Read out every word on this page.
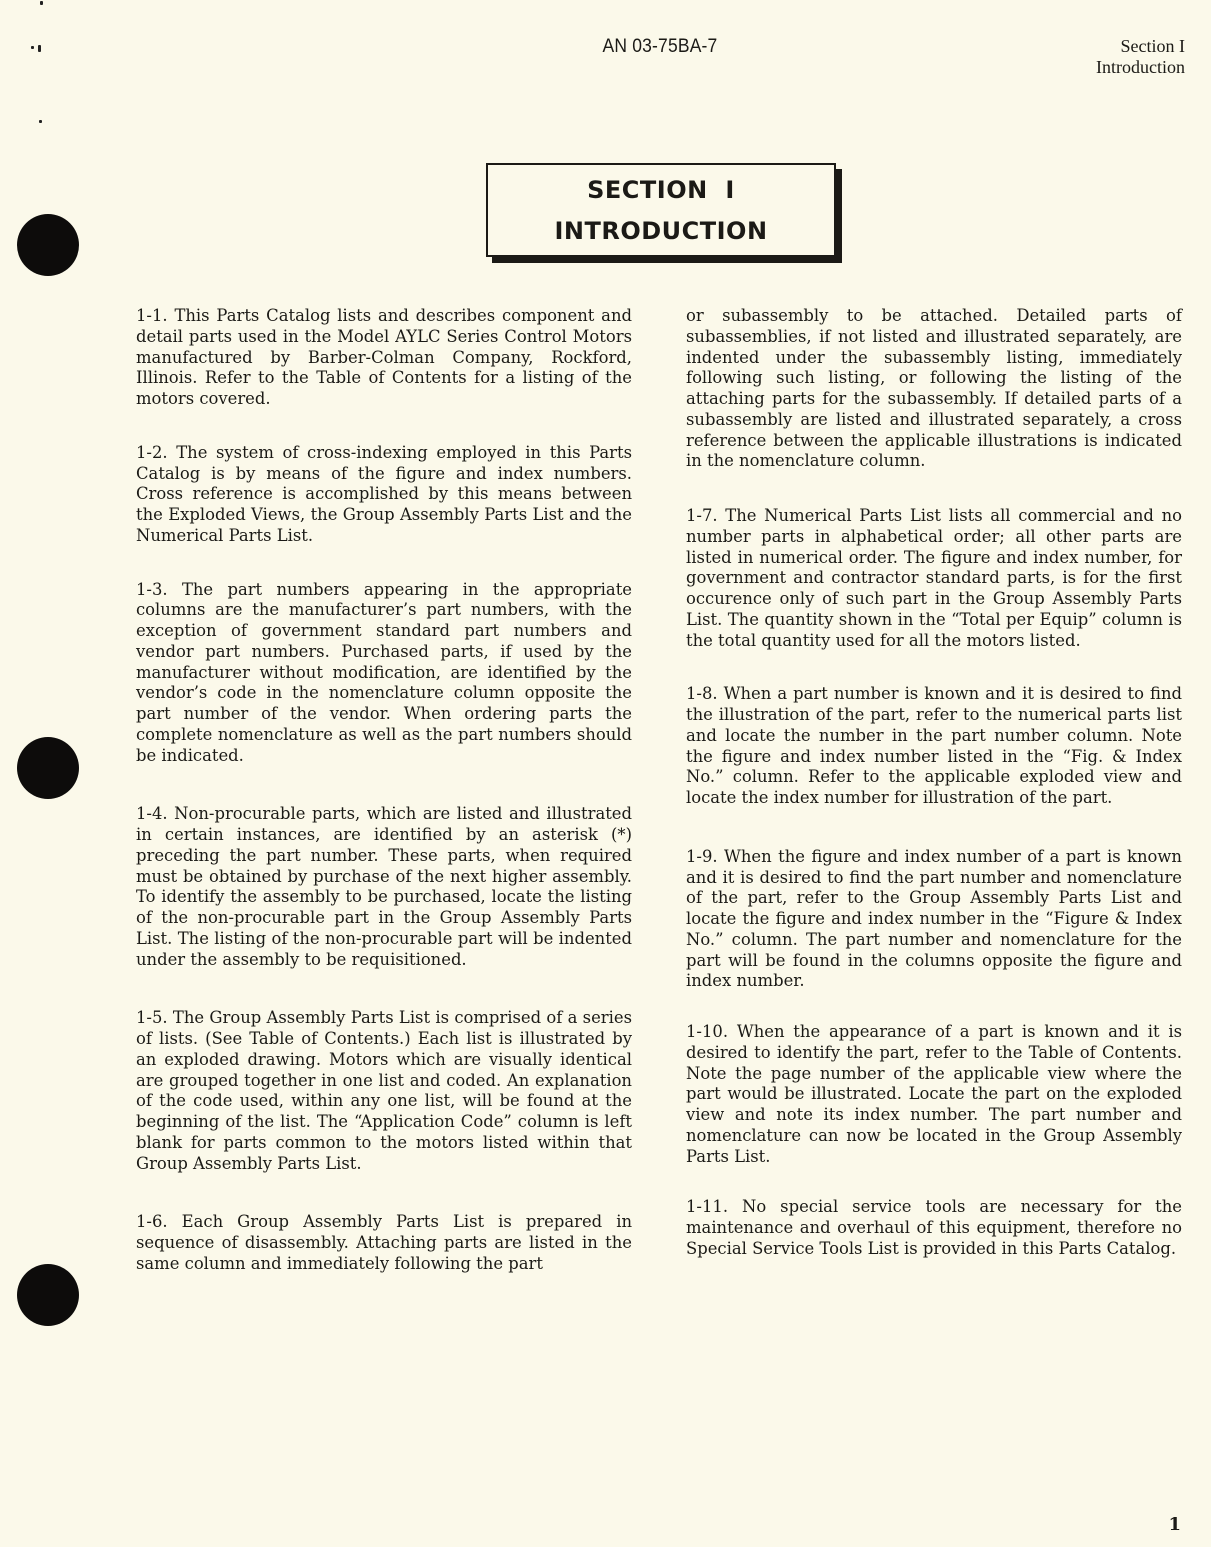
AN 03-75BA-7	Section I
Introduction
SECTION  I
INTRODUCTION

1-1. This Parts Catalog lists and describes component and detail parts used in the Model AYLC Series Control Motors manufactured by Barber-Colman Company, Rockford, Illinois. Refer to the Table of Contents for a listing of the motors covered.

1-2. The system of cross-indexing employed in this Parts Catalog is by means of the figure and index numbers. Cross reference is accomplished by this means between the Exploded Views, the Group Assembly Parts List and the Numerical Parts List.

1-3. The part numbers appearing in the appropriate columns are the manufacturer’s part numbers, with the exception of government standard part numbers and vendor part numbers. Purchased parts, if used by the manufacturer without modification, are identified by the vendor’s code in the nomenclature column opposite the part number of the vendor. When ordering parts the complete nomenclature as well as the part numbers should be indicated.

1-4. Non-procurable parts, which are listed and illustrated in certain instances, are identified by an asterisk (*) preceding the part number. These parts, when required must be obtained by purchase of the next higher assembly. To identify the assembly to be purchased, locate the listing of the non-procurable part in the Group Assembly Parts List. The listing of the non-procurable part will be indented under the assembly to be requisitioned.

1-5. The Group Assembly Parts List is comprised of a series of lists. (See Table of Contents.) Each list is illustrated by an exploded drawing. Motors which are visually identical are grouped together in one list and coded. An explanation of the code used, within any one list, will be found at the beginning of the list. The “Application Code” column is left blank for parts common to the motors listed within that Group Assembly Parts List.

1-6. Each Group Assembly Parts List is prepared in sequence of disassembly. Attaching parts are listed in the same column and immediately following the part

or subassembly to be attached. Detailed parts of subassemblies, if not listed and illustrated separately, are indented under the subassembly listing, immediately following such listing, or following the listing of the attaching parts for the subassembly. If detailed parts of a subassembly are listed and illustrated separately, a cross reference between the applicable illustrations is indicated in the nomenclature column.

1-7. The Numerical Parts List lists all commercial and no number parts in alphabetical order; all other parts are listed in numerical order. The figure and index number, for government and contractor standard parts, is for the first occurence only of such part in the Group Assembly Parts List. The quantity shown in the “Total per Equip” column is the total quantity used for all the motors listed.

1-8. When a part number is known and it is desired to find the illustration of the part, refer to the numerical parts list and locate the number in the part number column. Note the figure and index number listed in the “Fig. & Index No.” column. Refer to the applicable exploded view and locate the index number for illustration of the part.

1-9. When the figure and index number of a part is known and it is desired to find the part number and nomenclature of the part, refer to the Group Assembly Parts List and locate the figure and index number in the “Figure & Index No.” column. The part number and nomenclature for the part will be found in the columns opposite the figure and index number.

1-10. When the appearance of a part is known and it is desired to identify the part, refer to the Table of Contents. Note the page number of the applicable view where the part would be illustrated. Locate the part on the exploded view and note its index number. The part number and nomenclature can now be located in the Group Assembly Parts List.

1-11. No special service tools are necessary for the maintenance and overhaul of this equipment, therefore no Special Service Tools List is provided in this Parts Catalog.

1
